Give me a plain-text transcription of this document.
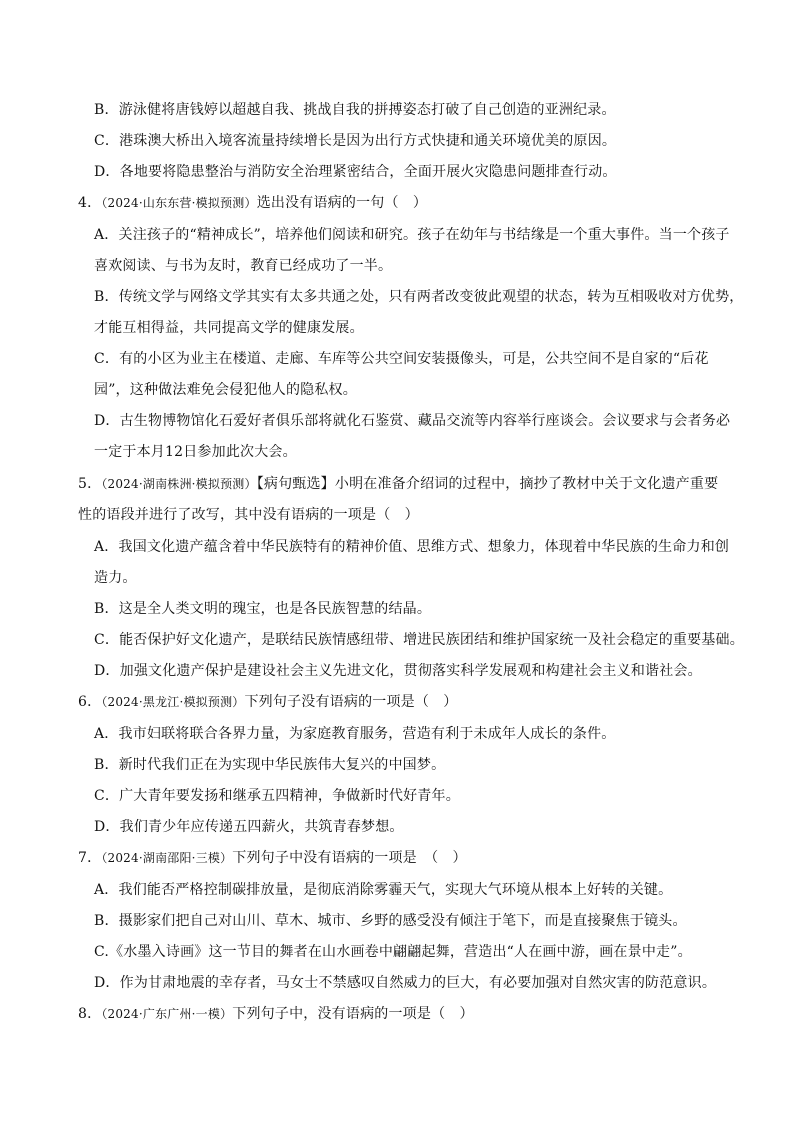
B．游泳健将唐钱婷以超越自我、挑战自我的拼搏姿态打破了自己创造的亚洲纪录。
C．港珠澳大桥出入境客流量持续增长是因为出行方式快捷和通关环境优美的原因。
D．各地要将隐患整治与消防安全治理紧密结合，全面开展火灾隐患问题排查行动。
4．（2024·山东东营·模拟预测）选出没有语病的一句（　）
A．关注孩子的“精神成长”，培养他们阅读和研究。孩子在幼年与书结缘是一个重大事件。当一个孩子
喜欢阅读、与书为友时，教育已经成功了一半。
B．传统文学与网络文学其实有太多共通之处，只有两者改变彼此观望的状态，转为互相吸收对方优势，
才能互相得益，共同提高文学的健康发展。
C．有的小区为业主在楼道、走廊、车库等公共空间安装摄像头，可是，公共空间不是自家的“后花
园”，这种做法难免会侵犯他人的隐私权。
D．古生物博物馆化石爱好者俱乐部将就化石鉴赏、藏品交流等内容举行座谈会。会议要求与会者务必
一定于本月12日参加此次大会。
5．（2024·湖南株洲·模拟预测）【病句甄选】小明在准备介绍词的过程中，摘抄了教材中关于文化遗产重要
性的语段并进行了改写，其中没有语病的一项是（　）
A．我国文化遗产蕴含着中华民族特有的精神价值、思维方式、想象力，体现着中华民族的生命力和创
造力。
B．这是全人类文明的瑰宝，也是各民族智慧的结晶。
C．能否保护好文化遗产，是联结民族情感纽带、增进民族团结和维护国家统一及社会稳定的重要基础。
D．加强文化遗产保护是建设社会主义先进文化，贯彻落实科学发展观和构建社会主义和谐社会。
6．（2024·黑龙江·模拟预测）下列句子没有语病的一项是（　）
A．我市妇联将联合各界力量，为家庭教育服务，营造有利于未成年人成长的条件。
B．新时代我们正在为实现中华民族伟大复兴的中国梦。
C．广大青年要发扬和继承五四精神，争做新时代好青年。
D．我们青少年应传递五四薪火，共筑青春梦想。
7．（2024·湖南邵阳·三模）下列句子中没有语病的一项是　（　）
A．我们能否严格控制碳排放量，是彻底消除雾霾天气，实现大气环境从根本上好转的关键。
B．摄影家们把自己对山川、草木、城市、乡野的感受没有倾注于笔下，而是直接聚焦于镜头。
C.《水墨入诗画》这一节目的舞者在山水画卷中翩翩起舞，营造出“人在画中游，画在景中走”。
D．作为甘肃地震的幸存者，马女士不禁感叹自然威力的巨大，有必要加强对自然灾害的防范意识。
8．（2024·广东广州·一模）下列句子中，没有语病的一项是（　）
